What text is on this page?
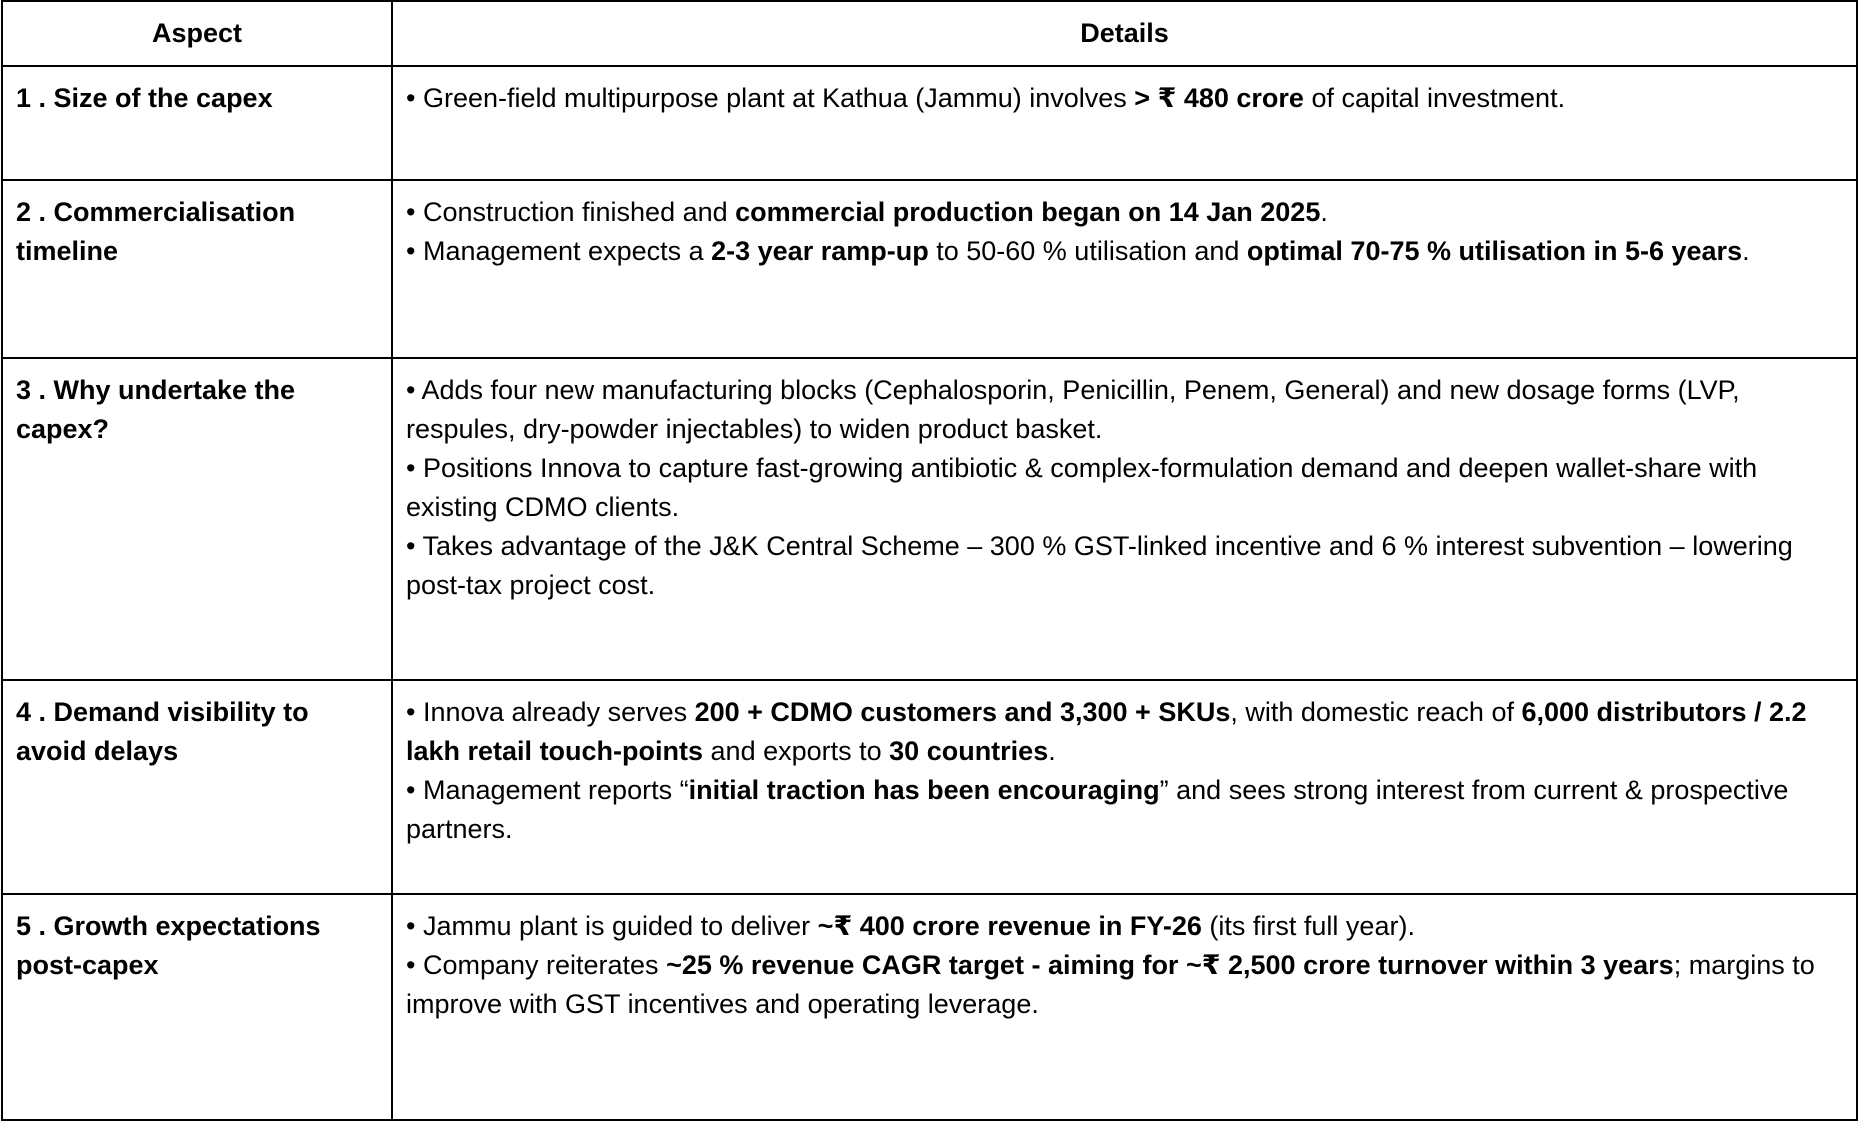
Aspect	Details
1 . Size of the capex	• Green-field multipurpose plant at Kathua (Jammu) involves > ₹ 480 crore of capital investment.

2 . Commercialisation timeline	• Construction finished and commercial production began on 14 Jan 2025.
• Management expects a 2-3 year ramp-up to 50-60 % utilisation and optimal 70-75 % utilisation in 5-6 years.

3 . Why undertake the capex?	• Adds four new manufacturing blocks (Cephalosporin, Penicillin, Penem, General) and new dosage forms (LVP, respules, dry-powder injectables) to widen product basket.
• Positions Innova to capture fast-growing antibiotic & complex-formulation demand and deepen wallet-share with existing CDMO clients.
• Takes advantage of the J&K Central Scheme – 300 % GST-linked incentive and 6 % interest subvention – lowering post-tax project cost.

4 . Demand visibility to avoid delays	• Innova already serves 200 + CDMO customers and 3,300 + SKUs, with domestic reach of 6,000 distributors / 2.2 lakh retail touch-points and exports to 30 countries.
• Management reports “initial traction has been encouraging” and sees strong interest from current & prospective partners.

5 . Growth expectations post-capex	• Jammu plant is guided to deliver ~₹ 400 crore revenue in FY-26 (its first full year).
• Company reiterates ~25 % revenue CAGR target - aiming for ~₹ 2,500 crore turnover within 3 years; margins to improve with GST incentives and operating leverage.
